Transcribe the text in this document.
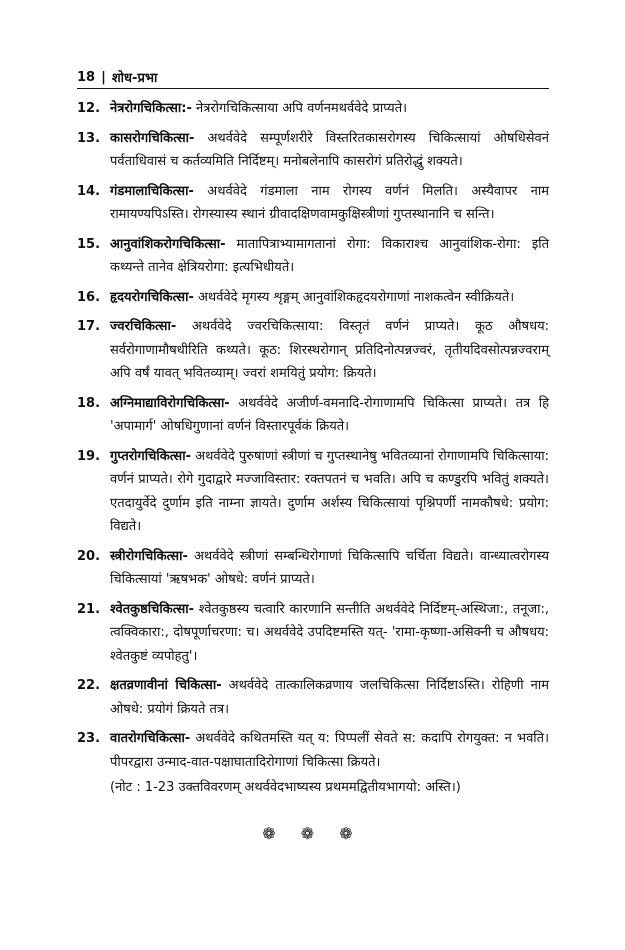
18 | शोध-प्रभा
12. नेत्ररोगचिकित्सा:- नेत्ररोगचिकित्साया अपि वर्णनमथर्ववेदे प्राप्यते।
13. कासरोगचिकित्सा- अथर्ववेदे सम्पूर्णशरीरे विस्तरितकासरोगस्य चिकित्सायां ओषधिसेवनं पर्वताधिवासं च कर्तव्यमिति निर्दिष्टम्। मनोबलेनापि कासरोगं प्रतिरोद्धुं शक्यते।
14. गंडमालाचिकित्सा- अथर्ववेदे गंडमाला नाम रोगस्य वर्णनं मिलति। अस्यैवापर नाम रामायण्यपिऽस्ति। रोगस्यास्य स्थानं ग्रीवादक्षिणवामकुक्षिस्त्रीणां गुप्तस्थानानि च सन्ति।
15. आनुवांशिकरोगचिकित्सा- मातापित्राभ्यामागतानां रोगा: विकाराश्च आनुवांशिक-रोगा: इति कथ्यन्ते तानेव क्षेत्रियरोगा: इत्यभिधीयते।
16. हृदयरोगचिकित्सा- अथर्ववेदे मृगस्य शृङ्गम् आनुवांशिकहृदयरोगाणां नाशकत्वेन स्वीक्रियते।
17. ज्वरचिकित्सा- अथर्ववेदे ज्वरचिकित्साया: विस्तृतं वर्णनं प्राप्यते। कूठ औषधय: सर्वरोगाणामौषधीरिति कथ्यते। कूठ: शिरस्थरोगान् प्रतिदिनोत्पन्नज्वरं, तृतीयदिवसोत्पन्नज्वराम् अपि वर्षं यावत् भवितव्याम्। ज्वरां शमयितुं प्रयोग: क्रियते।
18. अग्निमाद्याविरोगचिकित्सा- अथर्ववेदे अजीर्ण-वमनादि-रोगाणामपि चिकित्सा प्राप्यते। तत्र हि 'अपामार्ग' ओषधिगुणानां वर्णनं विस्तारपूर्वकं क्रियते।
19. गुप्तरोगचिकित्सा- अथर्ववेदे पुरुषाणां स्त्रीणां च गुप्तस्थानेषु भवितव्यानां रोगाणामपि चिकित्साया: वर्णनं प्राप्यते। रोगे गुदाद्वारे मज्जाविस्तार: रक्तपतनं च भवति। अपि च कण्डुरपि भवितुं शक्यते। एतदायुर्वेदे दुर्णाम इति नाम्ना ज्ञायते। दुर्णाम अर्शस्य चिकित्सायां पृश्निपर्णी नामकौषधे: प्रयोग: विद्यते।
20. स्त्रीरोगचिकित्सा- अथर्ववेदे स्त्रीणां सम्बन्धिरोगाणां चिकित्सापि चर्चिता विद्यते। वान्ध्यात्वरोगस्य चिकित्सायां 'ऋषभक' ओषधे: वर्णनं प्राप्यते।
21. श्वेतकुष्ठचिकित्सा- श्वेतकुष्ठस्य चत्वारि कारणानि सन्तीति अथर्ववेदे निर्दिष्टम्-अस्थिजा:, तनूजा:, त्वक्विकारा:, दोषपूर्णाचरणा: च। अथर्ववेदे उपदिष्टमस्ति यत्- 'रामा-कृष्णा-असिक्नी च औषधय: श्वेतकुष्टं व्यपोहतु'।
22. क्षतव्रणावीनां चिकित्सा- अथर्ववेदे तात्कालिकव्रणाय जलचिकित्सा निर्दिष्टाऽस्ति। रोहिणी नाम ओषधे: प्रयोगं क्रियते तत्र।
23. वातरोगचिकित्सा- अथर्ववेदे कथितमस्ति यत् य: पिप्पलीं सेवते स: कदापि रोगयुक्त: न भवति। पीपरद्वारा उन्माद-वात-पक्षाघातादिरोगाणां चिकित्सा क्रियते।
(नोट : 1-23 उक्तविवरणम् अथर्ववेदभाष्यस्य प्रथममद्वितीयभागयो: अस्ति।)
❁ ❁ ❁
